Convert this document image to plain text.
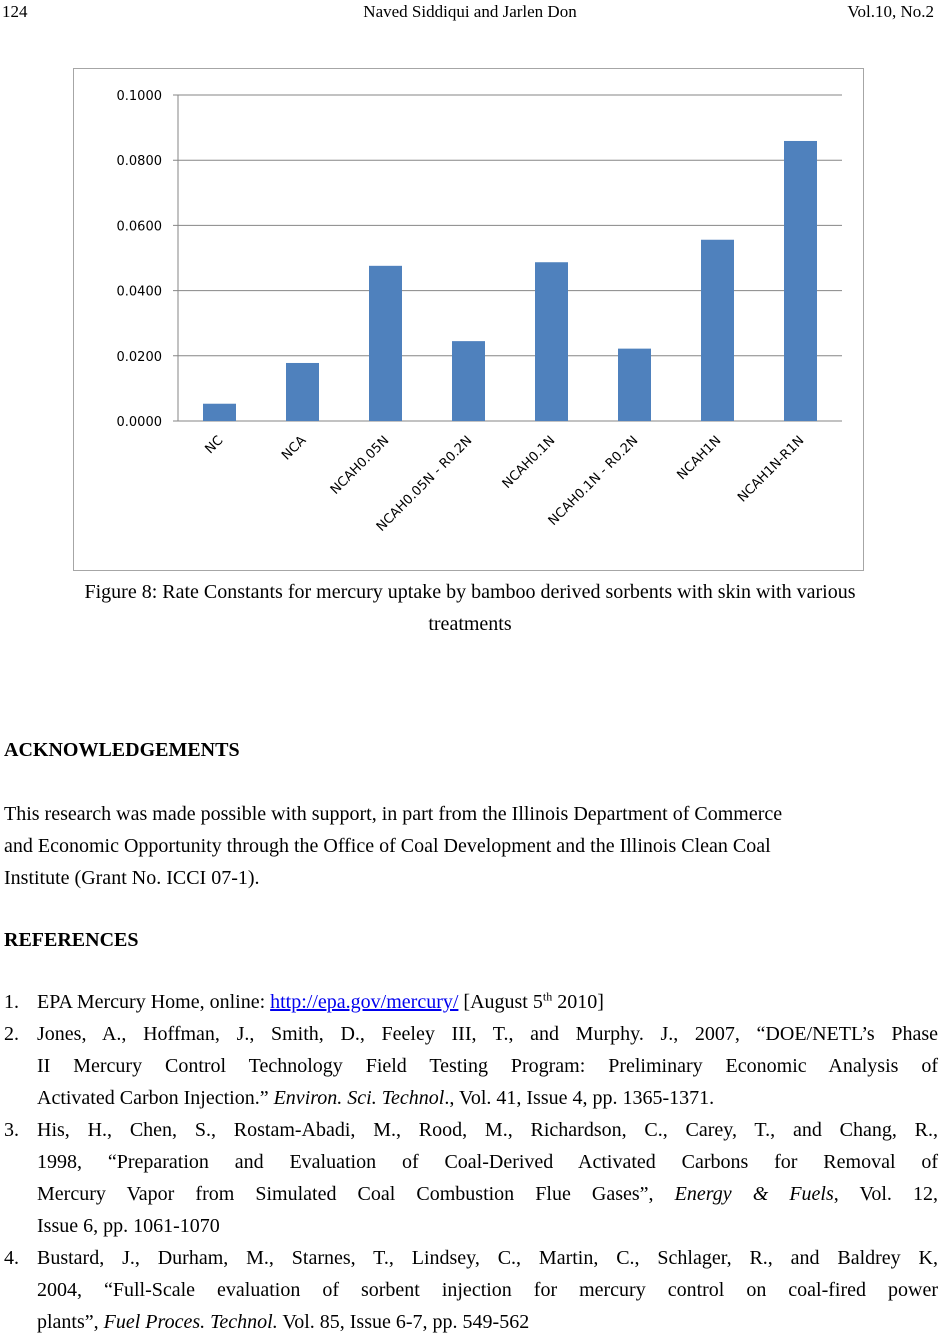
124	Naved Siddiqui and Jarlen Don	Vol.10, No.2
0.0000
0.0200
0.0400
0.0600
0.0800
0.1000
NC	NCA NCAH0.05N
NCAH0.05N - R0.2N NCAH0.1N
NCAH0.1N - R0.2N	NCAH1N NCAH1N-R1N
Figure 8: Rate Constants for mercury uptake by bamboo derived sorbents with skin with various
treatments
ACKNOWLEDGEMENTS
This research was made possible with support, in part from the Illinois Department of Commerce
and Economic Opportunity through the Office of Coal Development and the Illinois Clean Coal
Institute (Grant No. ICCI 07-1).
REFERENCES
1. EPA Mercury Home, online: http://epa.gov/mercury/ [August 5th 2010]
2. Jones, A., Hoffman, J., Smith, D., Feeley III, T., and Murphy. J., 2007, “DOE/NETL’s Phase
II Mercury Control Technology Field Testing Program: Preliminary Economic Analysis of
Activated Carbon Injection.” Environ. Sci. Technol., Vol. 41, Issue 4, pp. 1365-1371.
3. His, H., Chen, S., Rostam-Abadi, M., Rood, M., Richardson, C., Carey, T., and Chang, R.,
1998, “Preparation and Evaluation of Coal-Derived Activated Carbons for Removal of
Mercury Vapor from Simulated Coal Combustion Flue Gases”, Energy & Fuels, Vol. 12,
Issue 6, pp. 1061-1070
4. Bustard, J., Durham, M., Starnes, T., Lindsey, C., Martin, C., Schlager, R., and Baldrey K,
2004, “Full-Scale evaluation of sorbent injection for mercury control on coal-fired power
plants”, Fuel Proces. Technol. Vol. 85, Issue 6-7, pp. 549-562
